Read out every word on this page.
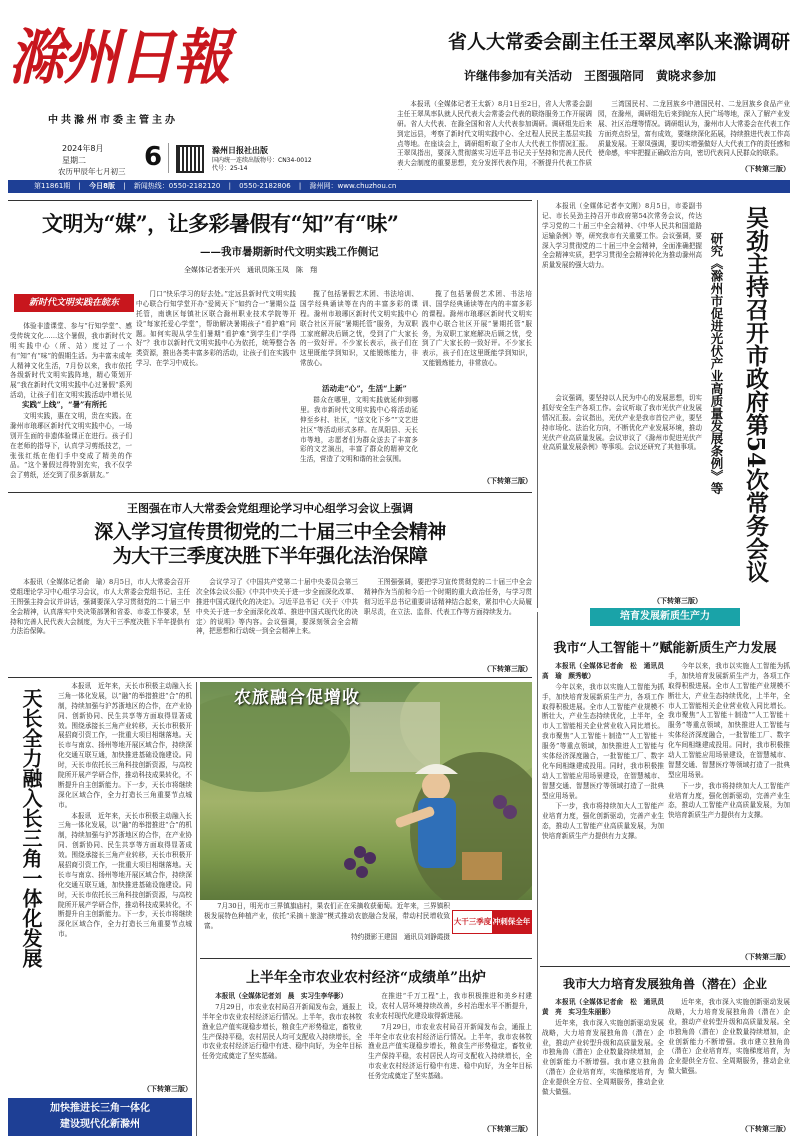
滁州日報
中共滁州市委主管主办
2024年8月
星期二 6
农历甲辰年七月初三
滁州日报社出版
国内统一连续出版物号：CN34-0012
代号：25-14
第11861期 | 今日8版 | 新闻热线：0550-2182120 | 0550-2182806 | 滁州网：www.chuzhou.cn
省人大常委会副主任王翠凤率队来滁调研
许继伟参加有关活动　王图强陪同　黄晓求参加

本报讯（全媒体记者王太新）8月1日至2日，省人大常委会副主任王翠凤率队就人民代表大会常委会代表的联络服务工作开展调研。省人大代表、在滁全国和省人大代表参加调研。调研组先后来到定远县，考察了新时代文明实践中心、全过程人民民主基层实践点等地。在座谈会上，调研组听取了全市人大代表工作情况汇报。王翠凤指出，要深入贯彻落实习近平总书记关于坚持和完善人民代表大会制度的重要思想，充分发挥代表作用，不断提升代表工作质

三湾国民村、二龙回族乡中港国民村、二龙回族乡食品产业园，在滁州，调研组先后来到皖东人民广场等地，深入了解产业发展、社区治理等情况。调研组认为，滁州市人大常委会在代表工作方面亮点纷呈，富有成效，要继续深化拓展，持续推进代表工作高质量发展。王翠凤强调，要切实增强做好人大代表工作的责任感和使命感，牢牢把握正确政治方向，密切代表同人民群众的联系。

（下转第三版）
文明为“媒”，让多彩暑假有“知”有“味”
——我市暑期新时代文明实践工作侧记
全媒体记者张开兴　通讯员陈玉凤　陈　翔
新时代文明实践在皖东

体验非遗课堂、参与“行知学堂”、感受传统文化……这个暑假，我市新时代文明实践中心（所、站）度过了一个有“知”有“味”的假期生活。为丰富未成年人精神文化生活，7月份以来，我市依托各级新时代文明实践阵地，精心策划开展“我在新时代文明实践中心过暑假“系列活动，让孩子们在文明实践活动中增长见

实践“上线”，“暑”有所托

文明实践，惠在文明，贵在实践。在滁州市琅琊区新时代文明实践中心，一场别开生面的非遗体验课正在进行。孩子们在老师的指导下，认真学习剪纸技艺，一张张红纸在他们手中变成了精美的作品。“这个暑假过得特别充实，我不仅学会了剪纸，还交到了很多新朋友。”

门口“快乐学习的好去处。”定远县新时代文明实践中心联合行知学堂开办“爱阅天下”如约合一”暑期公益托管，南谯区每镇社区联合滁州职业技术学院等开设“每家托爱心学堂”，帮助解决暑期孩子“看护难”问题。如何实现从学生们暑期“看护难”到学生们“学得好”？我市以新时代文明实践中心为依托，统筹整合各类资源，推出各类丰富多彩的活动，让孩子们在实践中学习、在学习中成长。

揽了包括暑假艺术团、书法培训、国学经典诵读等在内的丰富多彩的课程。滁州市琅琊区新时代文明实践中心联合社区开展“暑期托管”服务，为双职工家庭解决后顾之忧，受到了广大家长的一致好评。不少家长表示，孩子们在这里既能学到知识，又能锻炼能力，非常放心。

活动走“心”，生活“上新”

群众在哪里，文明实践就延伸到哪里。我市新时代文明实践中心将活动延伸至乡村、社区，“送文化下乡”“文艺进社区”等活动形式多样。在凤阳县、天长市等地，志愿者们为群众送去了丰富多彩的文艺演出，丰富了群众的精神文化生活，营造了文明和谐的社会氛围。

揽了包括暑假艺术团、书法培训、国学经典诵读等在内的丰富多彩的课程。滁州市琅琊区新时代文明实践中心联合社区开展“暑期托管”服务，为双职工家庭解决后顾之忧，受到了广大家长的一致好评。不少家长表示，孩子们在这里既能学到知识，又能锻炼能力，非常放心。

（下转第三版）

本报讯（全媒体记者李文刚）8月5日，市委副书记、市长吴劲主持召开市政府第54次常务会议，传达学习党的二十届三中全会精神、《中华人民共和国道路运输条例》等，研究我市有关重要工作。会议强调，要深入学习贯彻党的二十届三中全会精神，全面准确把握全会精神实质，把学习贯彻全会精神转化为推动滁州高质量发展的强大动力。

会议强调，要坚持以人民为中心的发展思想，切实抓好安全生产各项工作。会议听取了我市光伏产业发展情况汇报。会议指出，光伏产业是我市首位产业，要坚持市场化、法治化方向，不断优化产业发展环境，推动光伏产业高质量发展。会议审议了《滁州市促进光伏产业高质量发展条例》等事项。会议还研究了其他事项。	吴劲主持召开市政府第54次常务会议
研究《滁州市促进光伏产业高质量发展条例》等
（下转第三版）
王图强在市人大常委会党组理论学习中心组学习会议上强调
深入学习宣传贯彻党的二十届三中全会精神
为大干三季度决胜下半年强化法治保障

本报讯（全媒体记者俞　瑜）8月5日，市人大常委会召开党组理论学习中心组学习会议，市人大常委会党组书记、主任王图强主持会议并讲话，强调要深入学习贯彻党的二十届三中全会精神，认真落实中央决策部署和省委、市委工作要求，坚持和完善人民代表大会制度，为大干三季度决胜下半年提供有力法治保障。

会议学习了《中国共产党第二十届中央委员会第三次全体会议公报》《中共中央关于进一步全面深化改革、推进中国式现代化的决定》。习近平总书记《关于〈中共中央关于进一步全面深化改革、推进中国式现代化的决定〉的说明》等内容。会议强调，要深刻领会全会精神，把思想和行动统一到全会精神上来。

王图强强调，要把学习宣传贯彻党的二十届三中全会精神作为当前和今后一个时期的重大政治任务，与学习贯彻习近平总书记重要讲话精神结合起来，紧扣中心大局履职尽责，在立法、监督、代表工作等方面持续发力。

（下转第三版）
天长全力融入长三角一体化发展

本报讯　近年来，天长市积极主动融入长三角一体化发展，以“融”的举措推进“合”的机制，持续加强与沪苏浙地区的合作，在产业协同、创新协同、民生共享等方面取得显著成效。围绕承接长三角产业转移，天长市积极开展招商引资工作，一批重大项目相继落地。天长市与南京、扬州等地开展区域合作，持续深化交通互联互通，加快推进基础设施建设。同时，天长市依托长三角科技创新资源，与高校院所开展产学研合作，推动科技成果转化，不断提升自主创新能力。下一步，天长市将继续深化区域合作，全力打造长三角重要节点城市。

本报讯　近年来，天长市积极主动融入长三角一体化发展，以“融”的举措推进“合”的机制，持续加强与沪苏浙地区的合作，在产业协同、创新协同、民生共享等方面取得显著成效。围绕承接长三角产业转移，天长市积极开展招商引资工作，一批重大项目相继落地。天长市与南京、扬州等地开展区域合作，持续深化交通互联互通，加快推进基础设施建设。同时，天长市依托长三角科技创新资源，与高校院所开展产学研合作，推动科技成果转化，不断提升自主创新能力。下一步，天长市将继续深化区域合作，全力打造长三角重要节点城市。

（下转第三版）
加快推进长三角一体化
建设现代化新滁州
农旅融合促增收

7月30日，明光市三界镇旗庙村，果农们正在采摘收获葡萄。近年来，三界镇积极发展特色种植产业，依托“采摘＋旅游”模式推动农旅融合发展，带动村民增收致富。

特约摄影王建国　通讯员刘静霞摄
大干三季度 冲刺保全年
上半年全市农业农村经济“成绩单”出炉

本报讯（全媒体记者刘　晨　实习生李华影）

7月29日，市农业农村局召开新闻发布会，通报上半年全市农业农村经济运行情况。上半年，我市农林牧渔业总产值实现稳步增长，粮食生产形势稳定，畜牧业生产保持平稳，农村居民人均可支配收入持续增长，全市农业农村经济运行稳中有进、稳中向好，为全年目标任务完成奠定了坚实基础。

在推进“千万工程”上，我市积极推进和美乡村建设，农村人居环境持续改善，乡村治理水平不断提升，农业农村现代化建设取得新进展。

7月29日，市农业农村局召开新闻发布会，通报上半年全市农业农村经济运行情况。上半年，我市农林牧渔业总产值实现稳步增长，粮食生产形势稳定，畜牧业生产保持平稳，农村居民人均可支配收入持续增长，全市农业农村经济运行稳中有进、稳中向好，为全年目标任务完成奠定了坚实基础。

（下转第三版）
培育发展新质生产力
我市“人工智能＋”赋能新质生产力发展

本报讯（全媒体记者俞　松　通讯员高　瑜　颜秀敏）

今年以来，我市以实施人工智能为抓手，加快培育发展新质生产力，各项工作取得积极进展。全市人工智能产业规模不断壮大，产业生态持续优化，上半年，全市人工智能相关企业营业收入同比增长。我市聚焦“人工智能＋制造”“人工智能＋服务”等重点领域，加快推进人工智能与实体经济深度融合，一批智能工厂、数字化车间相继建成投用。同时，我市积极推动人工智能应用场景建设，在智慧城市、智慧交通、智慧医疗等领域打造了一批典型应用场景。

下一步，我市将持续加大人工智能产业培育力度，强化创新驱动，完善产业生态，推动人工智能产业高质量发展，为加快培育新质生产力提供有力支撑。

今年以来，我市以实施人工智能为抓手，加快培育发展新质生产力，各项工作取得积极进展。全市人工智能产业规模不断壮大，产业生态持续优化，上半年，全市人工智能相关企业营业收入同比增长。我市聚焦“人工智能＋制造”“人工智能＋服务”等重点领域，加快推进人工智能与实体经济深度融合，一批智能工厂、数字化车间相继建成投用。同时，我市积极推动人工智能应用场景建设，在智慧城市、智慧交通、智慧医疗等领域打造了一批典型应用场景。

下一步，我市将持续加大人工智能产业培育力度，强化创新驱动，完善产业生态，推动人工智能产业高质量发展，为加快培育新质生产力提供有力支撑。

（下转第三版）
我市大力培育发展独角兽（潜在）企业

本报讯（全媒体记者俞　松　通讯员黄　亮　实习生朱丽影）

近年来，我市深入实施创新驱动发展战略，大力培育发展独角兽（潜在）企业，推动产业转型升级和高质量发展。全市独角兽（潜在）企业数量持续增加，企业创新能力不断增强。我市建立独角兽（潜在）企业培育库，实施梯度培育，为企业提供全方位、全周期服务，推动企业做大做强。

近年来，我市深入实施创新驱动发展战略，大力培育发展独角兽（潜在）企业，推动产业转型升级和高质量发展。全市独角兽（潜在）企业数量持续增加，企业创新能力不断增强。我市建立独角兽（潜在）企业培育库，实施梯度培育，为企业提供全方位、全周期服务，推动企业做大做强。

（下转第三版）
